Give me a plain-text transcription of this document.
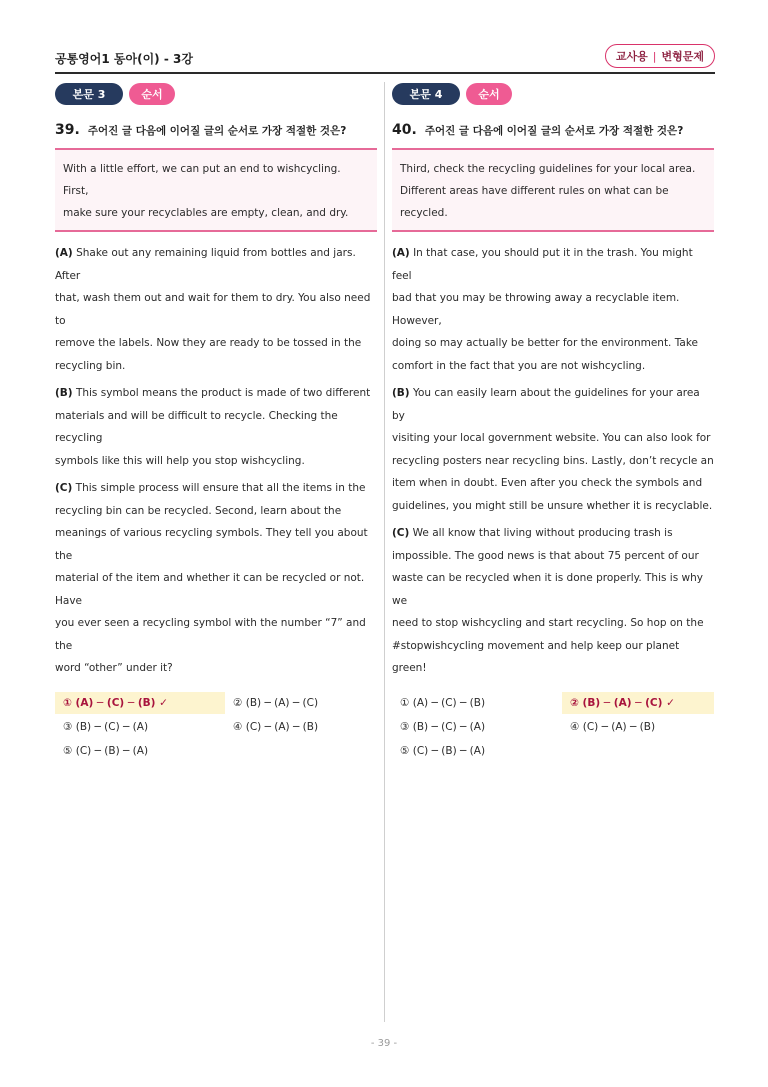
공통영어1 동아(이) - 3강	교사용 | 변형문제
본문 3	순서
39. 주어진 글 다음에 이어질 글의 순서로 가장 적절한 것은?

With a little effort, we can put an end to wishcycling. First,

make sure your recyclables are empty, clean, and dry.

(A) Shake out any remaining liquid from bottles and jars. After
that, wash them out and wait for them to dry. You also need to
remove the labels. Now they are ready to be tossed in the
recycling bin.
(B) This symbol means the product is made of two different
materials and will be difficult to recycle. Checking the recycling
symbols like this will help you stop wishcycling.
(C) This simple process will ensure that all the items in the
recycling bin can be recycled. Second, learn about the
meanings of various recycling symbols. They tell you about the
material of the item and whether it can be recycled or not. Have
you ever seen a recycling symbol with the number “7” and the
word “other” under it?
① (A) ─ (C) ─ (B) ✓	② (B) ─ (A) ─ (C)
③ (B) ─ (C) ─ (A)	④ (C) ─ (A) ─ (B)
⑤ (C) ─ (B) ─ (A)
본문 4	순서
40. 주어진 글 다음에 이어질 글의 순서로 가장 적절한 것은?

Third, check the recycling guidelines for your local area.

Different areas have different rules on what can be recycled.

(A) In that case, you should put it in the trash. You might feel
bad that you may be throwing away a recyclable item. However,
doing so may actually be better for the environment. Take
comfort in the fact that you are not wishcycling.
(B) You can easily learn about the guidelines for your area by
visiting your local government website. You can also look for
recycling posters near recycling bins. Lastly, don’t recycle an
item when in doubt. Even after you check the symbols and
guidelines, you might still be unsure whether it is recyclable.
(C) We all know that living without producing trash is
impossible. The good news is that about 75 percent of our
waste can be recycled when it is done properly. This is why we
need to stop wishcycling and start recycling. So hop on the
#stopwishcycling movement and help keep our planet green!
① (A) ─ (C) ─ (B)	② (B) ─ (A) ─ (C) ✓
③ (B) ─ (C) ─ (A)	④ (C) ─ (A) ─ (B)
⑤ (C) ─ (B) ─ (A)
- 39 -
